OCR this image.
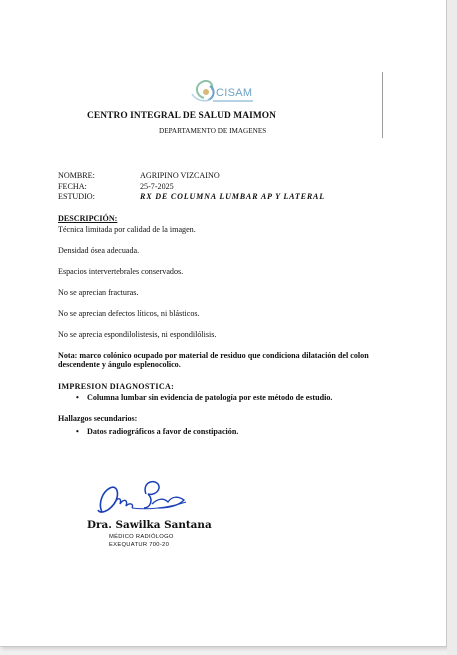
CISAM
CENTRO INTEGRAL DE SALUD MAIMON
DEPARTAMENTO DE IMAGENES
NOMBRE:	AGRIPINO VIZCAINO
FECHA:	25-7-2025
ESTUDIO:	RX DE COLUMNA LUMBAR AP Y LATERAL
DESCRIPCIÓN:
Técnica limitada por calidad de la imagen.
Densidad ósea adecuada.
Espacios intervertebrales conservados.
No se aprecian fracturas.
No se aprecian defectos líticos, ni blásticos.
No se aprecia espondilolistesis, ni espondilólisis.
Nota: marco colónico ocupado por material de residuo que condiciona dilatación del colon descendente y ángulo esplenocolico.
IMPRESION DIAGNOSTICA:
• Columna lumbar sin evidencia de patología por este método de estudio.
Hallazgos secundarios:
• Datos radiográficos a favor de constipación.
Dra. Sawilka Santana
MÉDICO RADIÓLOGO
EXEQUATUR 700-20
